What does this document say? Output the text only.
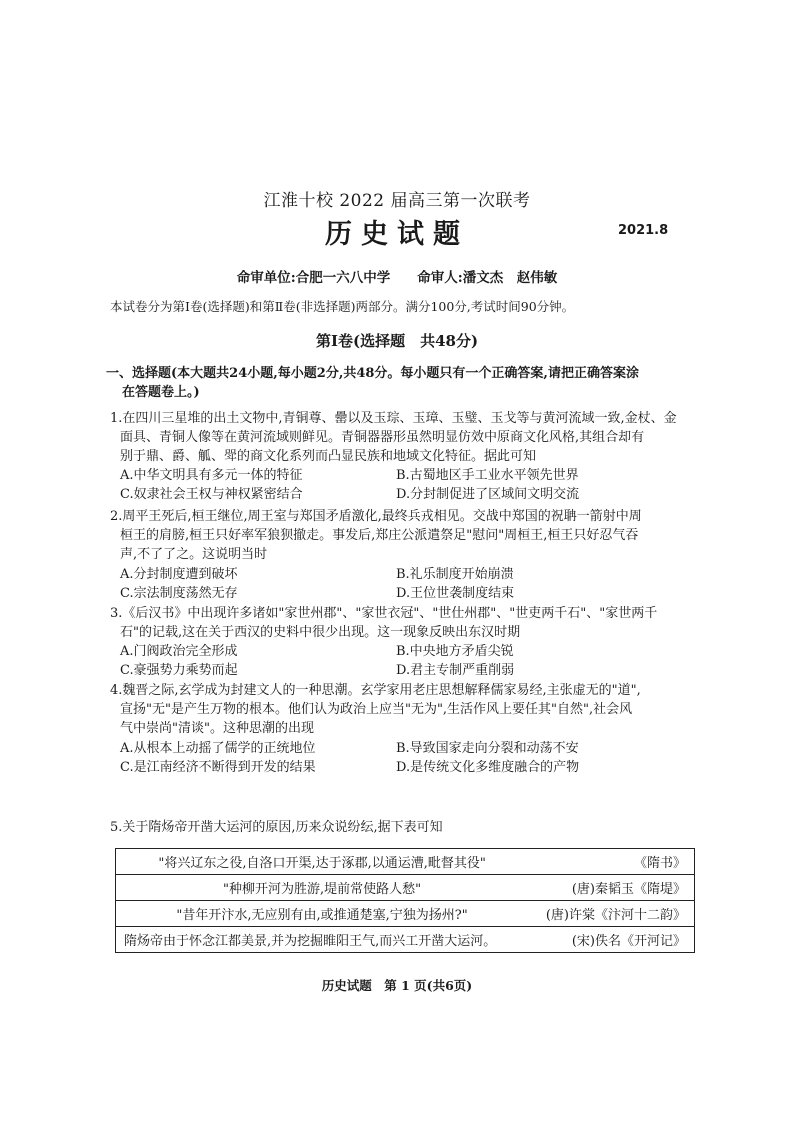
江淮十校 2022 届高三第一次联考
历史试题	2021.8
命审单位:合肥一六八中学　　命审人:潘文杰　赵伟敏
本试卷分为第Ⅰ卷(选择题)和第Ⅱ卷(非选择题)两部分。满分100分,考试时间90分钟。
第Ⅰ卷(选择题　共48分)
一、选择题(本大题共24小题,每小题2分,共48分。每小题只有一个正确答案,请把正确答案涂
在答题卷上。)
1.在四川三星堆的出土文物中,青铜尊、罍以及玉琮、玉璋、玉璧、玉戈等与黄河流域一致,金杖、金
面具、青铜人像等在黄河流域则鲜见。青铜器器形虽然明显仿效中原商文化风格,其组合却有
别于鼎、爵、觚、斝的商文化系列而凸显民族和地域文化特征。据此可知
A.中华文明具有多元一体的特征	B.古蜀地区手工业水平领先世界
C.奴隶社会王权与神权紧密结合	D.分封制促进了区域间文明交流
2.周平王死后,桓王继位,周王室与郑国矛盾激化,最终兵戎相见。交战中郑国的祝聃一箭射中周
桓王的肩膀,桓王只好率军狼狈撤走。事发后,郑庄公派遣祭足"慰问"周桓王,桓王只好忍气吞
声,不了了之。这说明当时
A.分封制度遭到破坏	B.礼乐制度开始崩溃
C.宗法制度荡然无存	D.王位世袭制度结束
3.《后汉书》中出现许多诸如"家世州郡"、"家世衣冠"、"世仕州郡"、"世吏两千石"、"家世两千
石"的记载,这在关于西汉的史料中很少出现。这一现象反映出东汉时期
A.门阀政治完全形成	B.中央地方矛盾尖锐
C.豪强势力乘势而起	D.君主专制严重削弱
4.魏晋之际,玄学成为封建文人的一种思潮。玄学家用老庄思想解释儒家易经,主张虚无的"道",
宣扬"无"是产生万物的根本。他们认为政治上应当"无为",生活作风上要任其"自然",社会风
气中崇尚"清谈"。这种思潮的出现
A.从根本上动摇了儒学的正统地位	B.导致国家走向分裂和动荡不安
C.是江南经济不断得到开发的结果	D.是传统文化多维度融合的产物
5.关于隋炀帝开凿大运河的原因,历来众说纷纭,据下表可知
"将兴辽东之役,自洛口开渠,达于涿郡,以通运漕,毗督其役"	《隋书》
"种柳开河为胜游,堤前常使路人愁"	(唐)秦韬玉《隋堤》
"昔年开汴水,无应别有由,或推通楚塞,宁独为扬州?"	(唐)许棠《汴河十二韵》
隋炀帝由于怀念江都美景,并为挖掘睢阳王气,而兴工开凿大运河。	(宋)佚名《开河记》
历史试题　第 1 页(共6页)
